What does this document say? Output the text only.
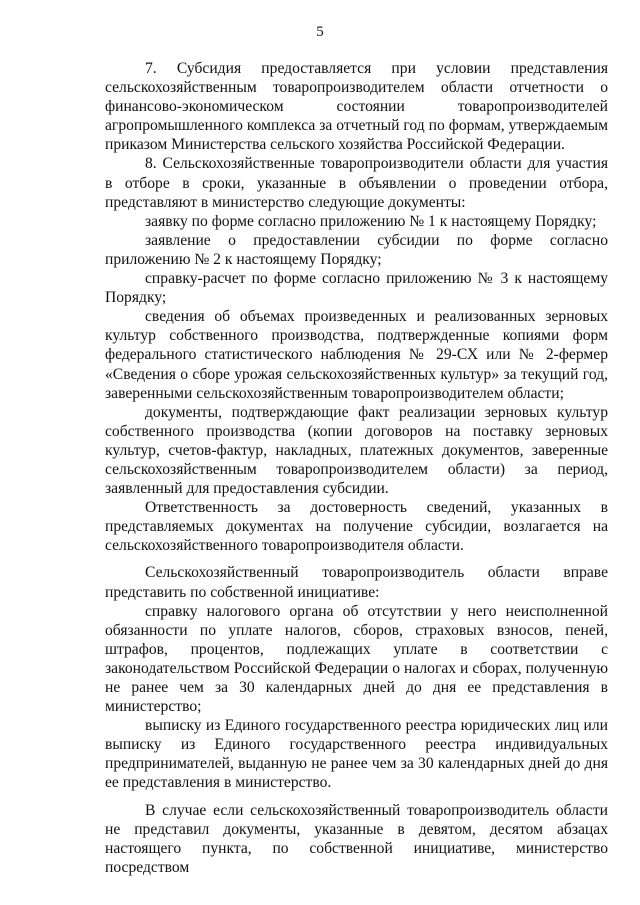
5

7. Субсидия предоставляется при условии представления сельскохозяйственным товаропроизводителем области отчетности о финансово-экономическом состоянии товаропроизводителей агропромышленного комплекса за отчетный год по формам, утверждаемым приказом Министерства сельского хозяйства Российской Федерации.

8. Сельскохозяйственные товаропроизводители области для участия в отборе в сроки, указанные в объявлении о проведении отбора, представляют в министерство следующие документы:

заявку по форме согласно приложению № 1 к настоящему Порядку;

заявление о предоставлении субсидии по форме согласно приложению № 2 к настоящему Порядку;

справку-расчет по форме согласно приложению № 3 к настоящему Порядку;

сведения об объемах произведенных и реализованных зерновых культур собственного производства, подтвержденные копиями форм федерального статистического наблюдения № 29-СХ или № 2-фермер «Сведения о сборе урожая сельскохозяйственных культур» за текущий год, заверенными сельскохозяйственным товаропроизводителем области;

документы, подтверждающие факт реализации зерновых культур собственного производства (копии договоров на поставку зерновых культур, счетов-фактур, накладных, платежных документов, заверенные сельскохозяйственным товаропроизводителем области) за период, заявленный для предоставления субсидии.

Ответственность за достоверность сведений, указанных в представляемых документах на получение субсидии, возлагается на сельскохозяйственного товаропроизводителя области.

Сельскохозяйственный товаропроизводитель области вправе представить по собственной инициативе:

справку налогового органа об отсутствии у него неисполненной обязанности по уплате налогов, сборов, страховых взносов, пеней, штрафов, процентов, подлежащих уплате в соответствии с законодательством Российской Федерации о налогах и сборах, полученную не ранее чем за 30 календарных дней до дня ее представления в министерство;

выписку из Единого государственного реестра юридических лиц или выписку из Единого государственного реестра индивидуальных предпринимателей, выданную не ранее чем за 30 календарных дней до дня ее представления в министерство.

В случае если сельскохозяйственный товаропроизводитель области не представил документы, указанные в девятом, десятом абзацах настоящего пункта, по собственной инициативе, министерство посредством
